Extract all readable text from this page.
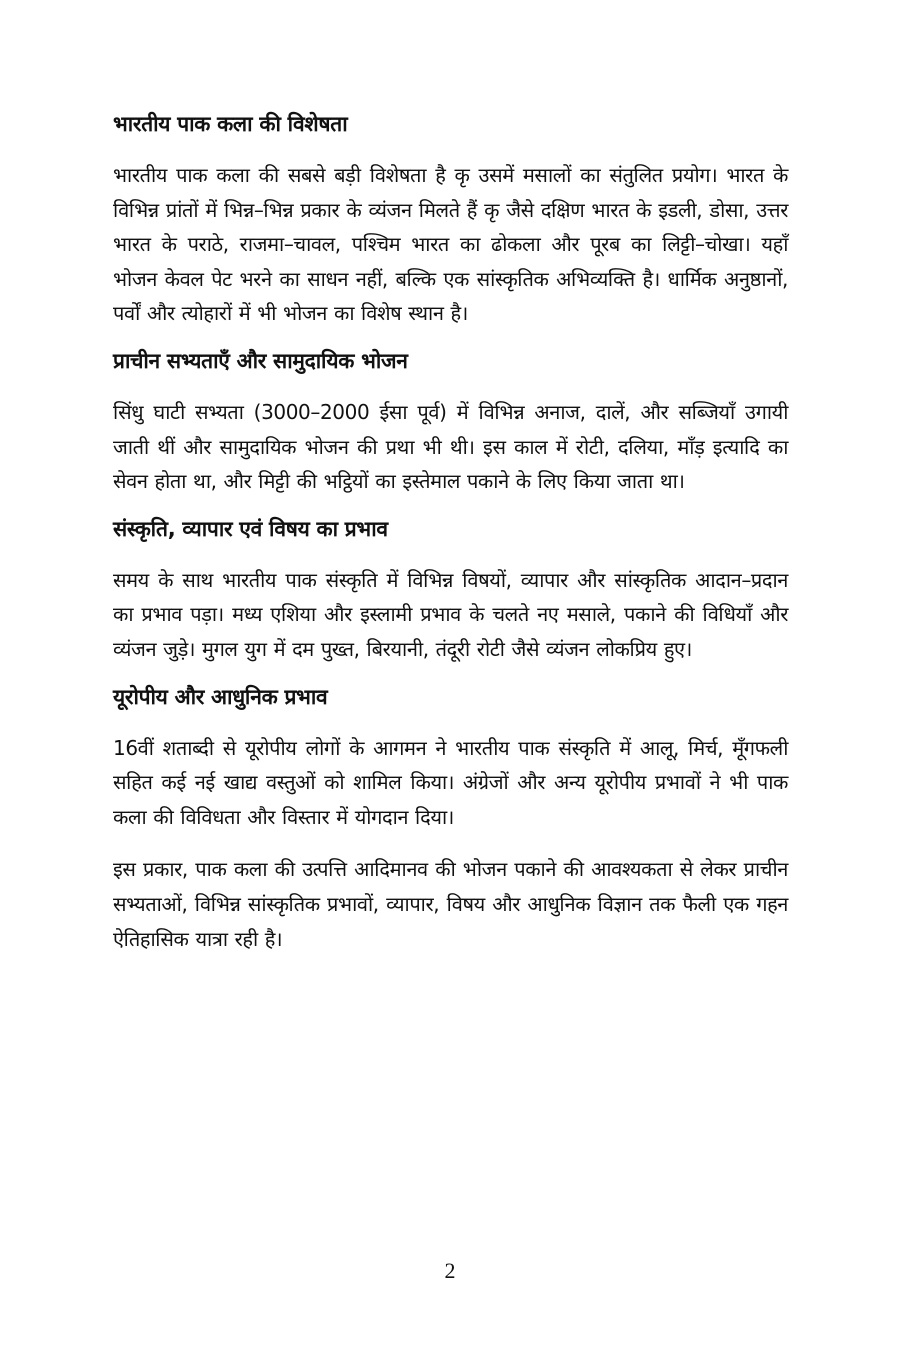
भारतीय पाक कला की विशेषता

भारतीय पाक कला की सबसे बड़ी विशेषता है कृ उसमें मसालों का संतुलित प्रयोग। भारत के विभिन्न प्रांतों में भिन्न–भिन्न प्रकार के व्यंजन मिलते हैं कृ जैसे दक्षिण भारत के इडली, डोसा, उत्तर भारत के पराठे, राजमा–चावल, पश्चिम भारत का ढोकला और पूरब का लिट्टी–चोखा। यहाँ भोजन केवल पेट भरने का साधन नहीं, बल्कि एक सांस्कृतिक अभिव्यक्ति है। धार्मिक अनुष्ठानों, पर्वों और त्योहारों में भी भोजन का विशेष स्थान है।

प्राचीन सभ्यताएँ और सामुदायिक भोजन

सिंधु घाटी सभ्यता (3000–2000 ईसा पूर्व) में विभिन्न अनाज, दालें, और सब्जियाँ उगायी जाती थीं और सामुदायिक भोजन की प्रथा भी थी। इस काल में रोटी, दलिया, माँड़ इत्यादि का सेवन होता था, और मिट्टी की भट्ठियों का इस्तेमाल पकाने के लिए किया जाता था।

संस्कृति, व्यापार एवं विषय का प्रभाव

समय के साथ भारतीय पाक संस्कृति में विभिन्न विषयों, व्यापार और सांस्कृतिक आदान–प्रदान का प्रभाव पड़ा। मध्य एशिया और इस्लामी प्रभाव के चलते नए मसाले, पकाने की विधियाँ और व्यंजन जुड़े। मुगल युग में दम पुख्त, बिरयानी, तंदूरी रोटी जैसे व्यंजन लोकप्रिय हुए।

यूरोपीय और आधुनिक प्रभाव

16वीं शताब्दी से यूरोपीय लोगों के आगमन ने भारतीय पाक संस्कृति में आलू, मिर्च, मूँगफली सहित कई नई खाद्य वस्तुओं को शामिल किया। अंग्रेजों और अन्य यूरोपीय प्रभावों ने भी पाक कला की विविधता और विस्तार में योगदान दिया।

इस प्रकार, पाक कला की उत्पत्ति आदिमानव की भोजन पकाने की आवश्यकता से लेकर प्राचीन सभ्यताओं, विभिन्न सांस्कृतिक प्रभावों, व्यापार, विषय और आधुनिक विज्ञान तक फैली एक गहन ऐतिहासिक यात्रा रही है।

2
